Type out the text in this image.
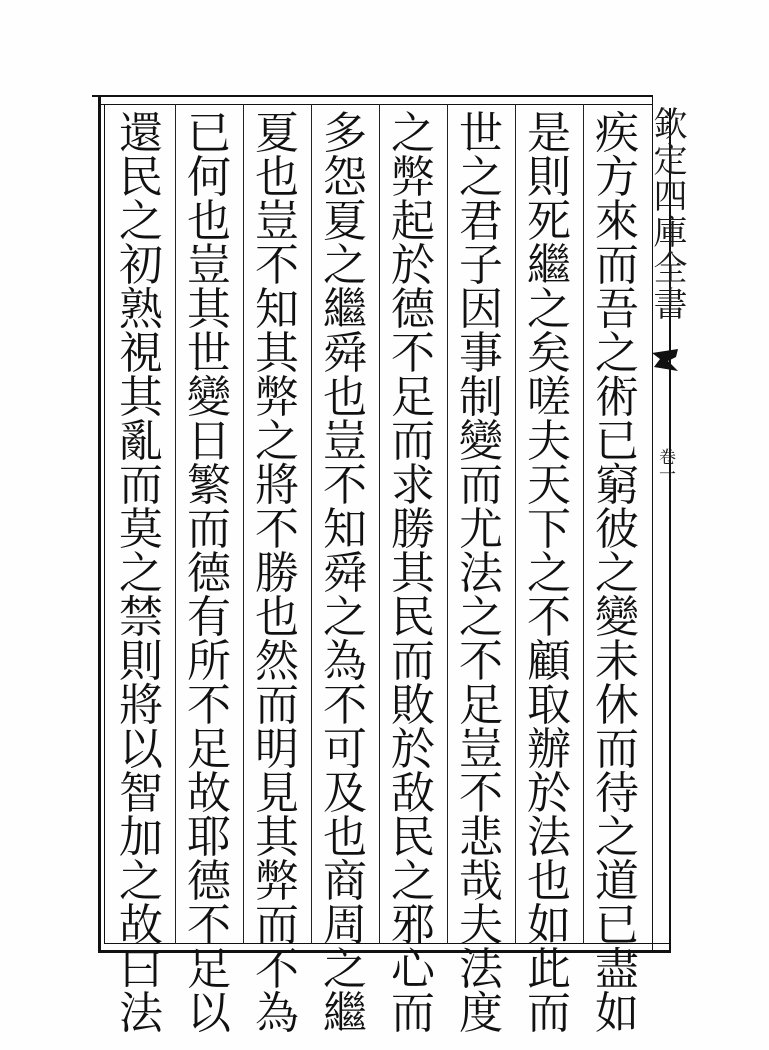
欽定四庫全書
卷一
疾
方
來
而
吾
之
術
已
窮
彼
之
變
未
休
而
待
之
道
已
盡
如
是
則
死
繼
之
矣
嗟
夫
天
下
之
不
顧
取
辦
於
法
也
如
此
而
世
之
君
子
因
事
制
變
而
尤
法
之
不
足
豈
不
悲
哉
夫
法
度
之
弊
起
於
德
不
足
而
求
勝
其
民
而
敗
於
敌
民
之
邪
心
而
多
怨
夏
之
繼
舜
也
豈
不
知
舜
之
為
不
可
及
也
商
周
之
繼
夏
也
豈
不
知
其
弊
之
將
不
勝
也
然
而
明
見
其
弊
而
不
為
已
何
也
豈
其
世
變
日
繁
而
德
有
所
不
足
故
耶
德
不
足
以
還
民
之
初
熟
視
其
亂
而
莫
之
禁
則
將
以
智
加
之
故
曰
法
